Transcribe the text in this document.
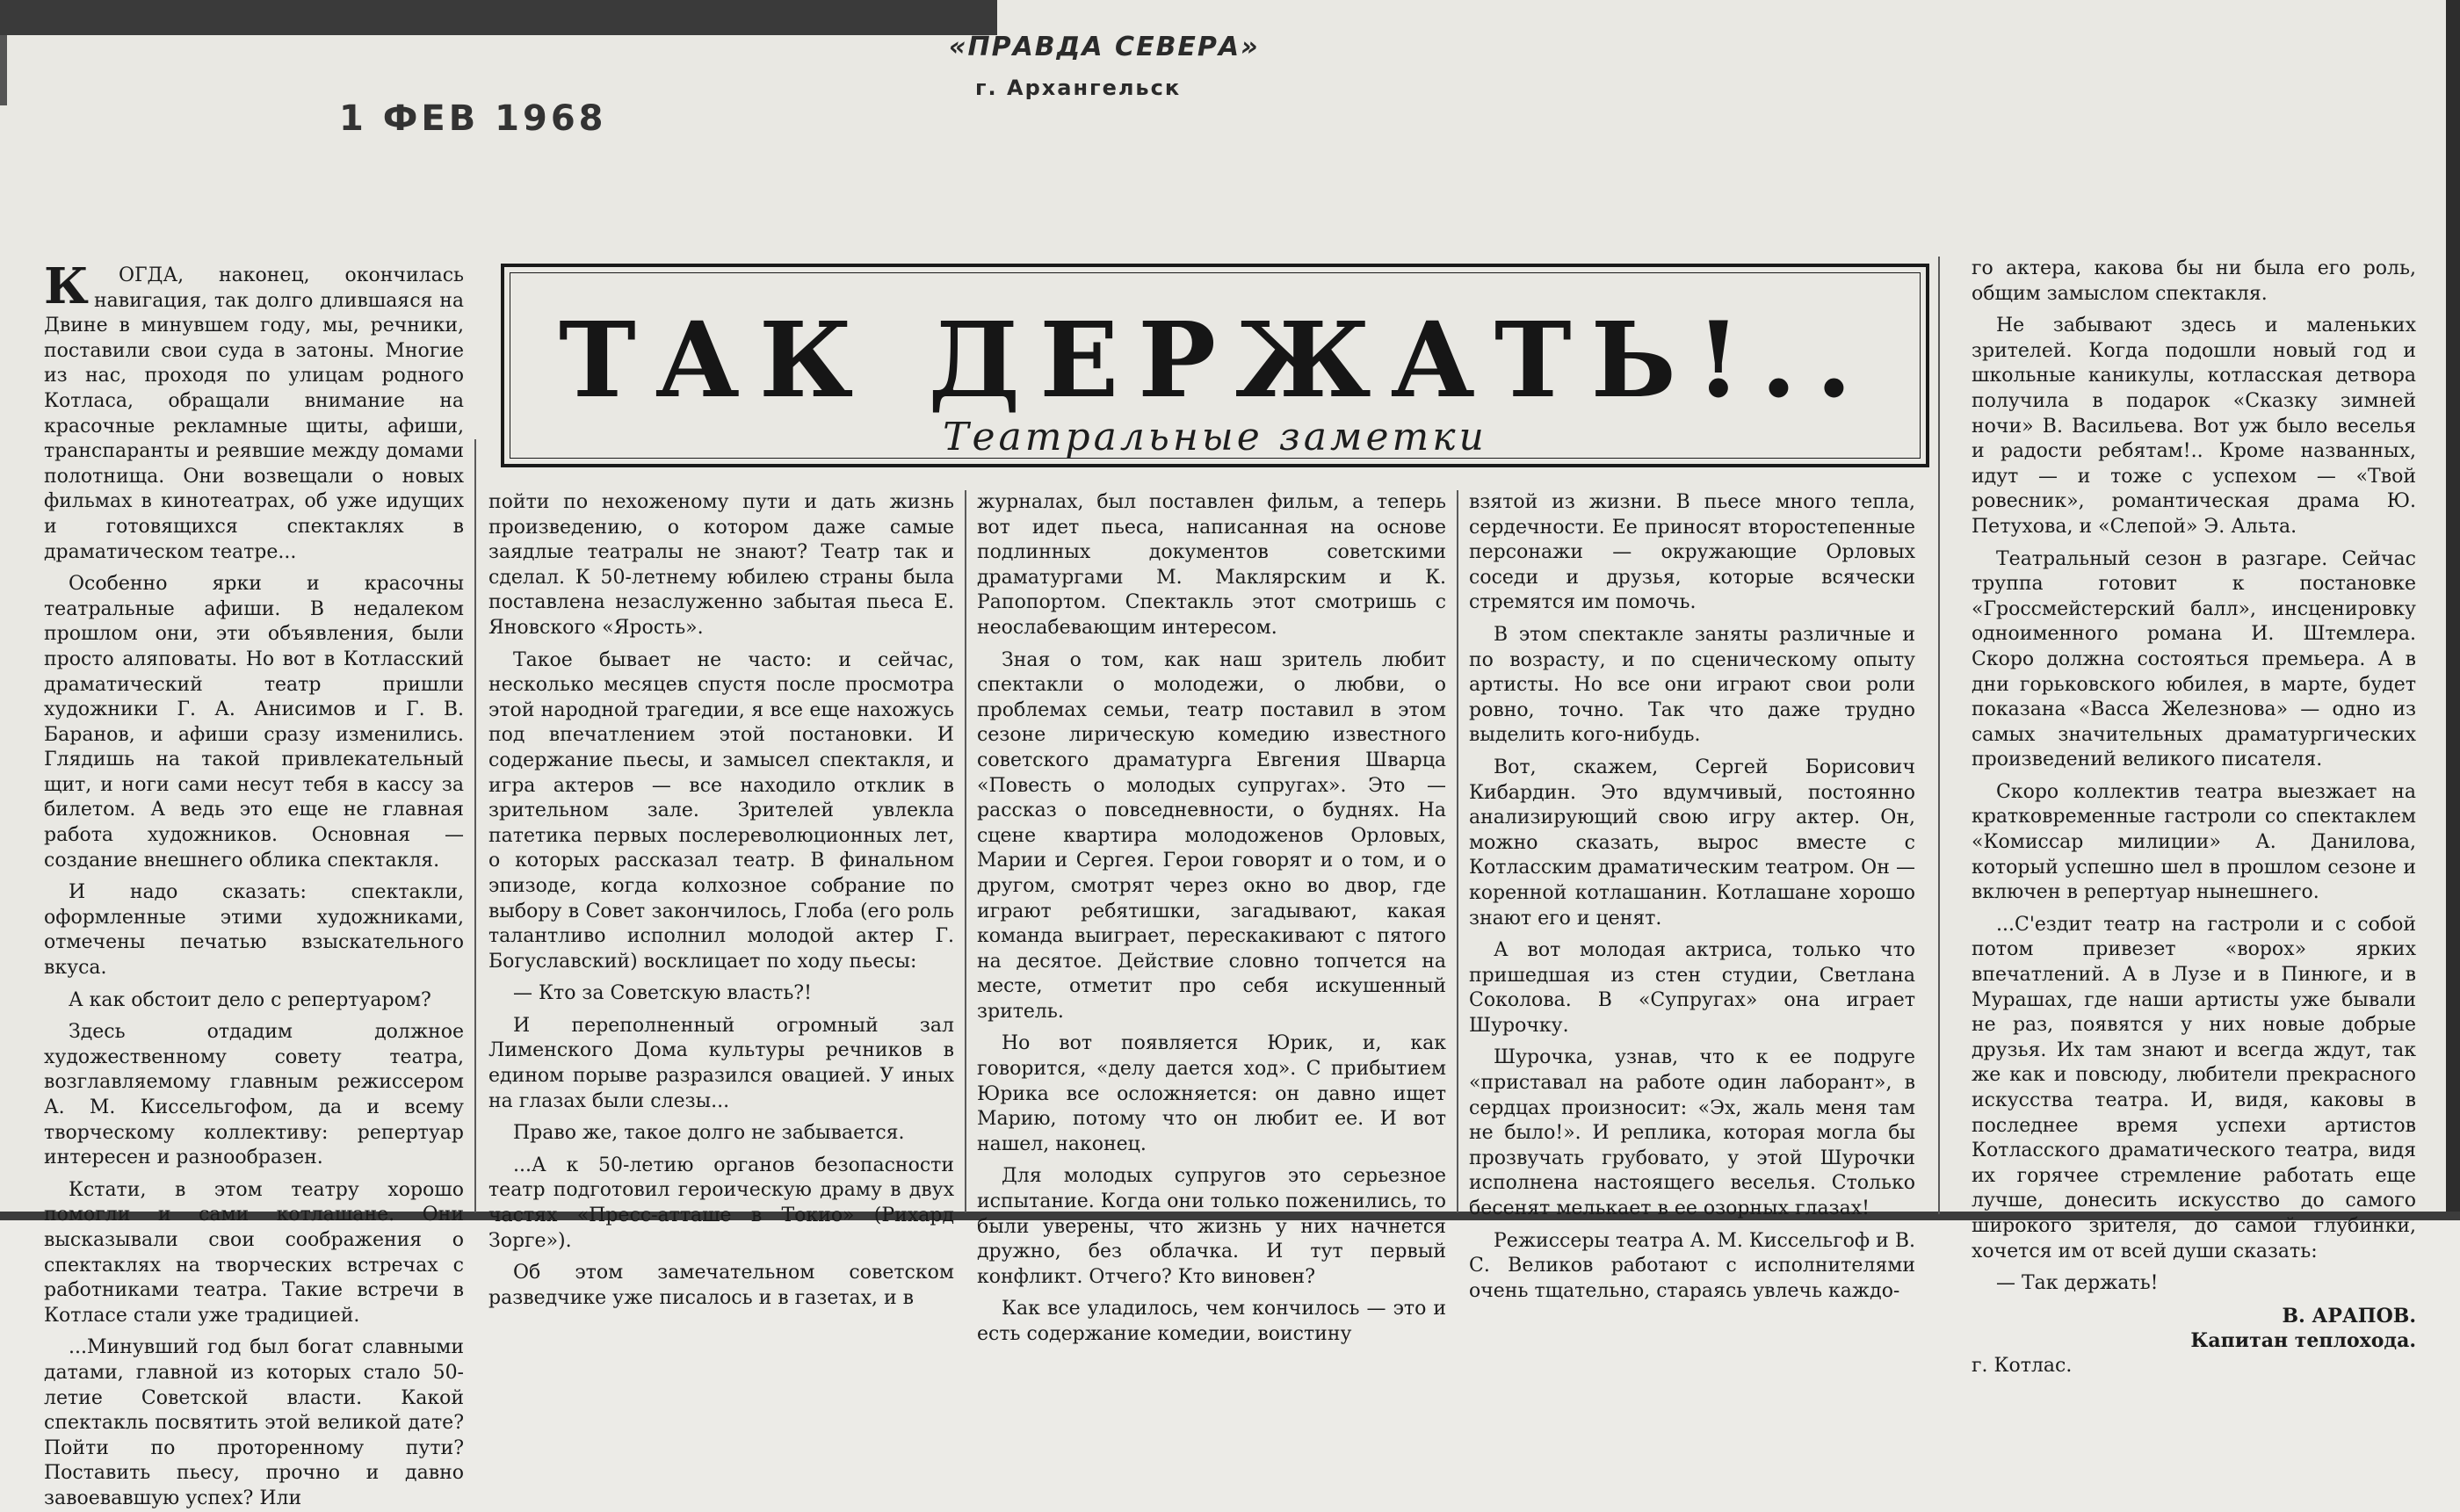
«ПРАВДА СЕВЕРА»
г. Архангельск
1 ФЕВ 1968
ТАК ДЕРЖАТЬ!..
Театральные заметки

К ОГДА, наконец, окончилась навигация, так долго длившаяся на Двине в минувшем году, мы, речники, поставили свои суда в затоны. Многие из нас, проходя по улицам родного Котласа, обращали внимание на красочные рекламные щиты, афиши, транспаранты и реявшие между домами полотнища. Они возвещали о новых фильмах в кинотеатрах, об уже идущих и готовящихся спектаклях в драматическом театре...

Особенно ярки и красочны театральные афиши. В недалеком прошлом они, эти объявления, были просто аляповаты. Но вот в Котласский драматический театр пришли художники Г. А. Анисимов и Г. В. Баранов, и афиши сразу изменились. Глядишь на такой привлекательный щит, и ноги сами несут тебя в кассу за билетом. А ведь это еще не главная работа художников. Основная — создание внешнего облика спектакля.

И надо сказать: спектакли, оформленные этими художниками, отмечены печатью взыскательного вкуса.

А как обстоит дело с репертуаром?

Здесь отдадим должное художественному совету театра, возглавляемому главным режиссером А. М. Киссельгофом, да и всему творческому коллективу: репертуар интересен и разнообразен.

Кстати, в этом театру хорошо помогли и сами котлашане. Они высказывали свои соображения о спектаклях на творческих встречах с работниками театра. Такие встречи в Котласе стали уже традицией.

...Минувший год был богат славными датами, главной из которых стало 50-летие Советской власти. Какой спектакль посвятить этой великой дате? Пойти по проторенному пути? Поставить пьесу, прочно и давно завоевавшую успех? Или

пойти по нехоженому пути и дать жизнь произведению, о котором даже самые заядлые театралы не знают? Театр так и сделал. К 50-летнему юбилею страны была поставлена незаслуженно забытая пьеса Е. Яновского «Ярость».

Такое бывает не часто: и сейчас, несколько месяцев спустя после просмотра этой народной трагедии, я все еще нахожусь под впечатлением этой постановки. И содержание пьесы, и замысел спектакля, и игра актеров — все находило отклик в зрительном зале. Зрителей увлекла патетика первых послереволюционных лет, о которых рассказал театр. В финальном эпизоде, когда колхозное собрание по выбору в Совет закончилось, Глоба (его роль талантливо исполнил молодой актер Г. Богуславский) восклицает по ходу пьесы:

— Кто за Советскую власть?!

И переполненный огромный зал Лименского Дома культуры речников в едином порыве разразился овацией. У иных на глазах были слезы...

Право же, такое долго не забывается.

...А к 50-летию органов безопасности театр подготовил героическую драму в двух частях «Пресс-атташе в Токио» (Рихард Зорге»).

Об этом замечательном советском разведчике уже писалось и в газетах, и в

журналах, был поставлен фильм, а теперь вот идет пьеса, написанная на основе подлинных документов советскими драматургами М. Маклярским и К. Рапопортом. Спектакль этот смотришь с неослабевающим интересом.

Зная о том, как наш зритель любит спектакли о молодежи, о любви, о проблемах семьи, театр поставил в этом сезоне лирическую комедию известного советского драматурга Евгения Шварца «Повесть о молодых супругах». Это — рассказ о повседневности, о буднях. На сцене квартира молодоженов Орловых, Марии и Сергея. Герои говорят и о том, и о другом, смотрят через окно во двор, где играют ребятишки, загадывают, какая команда выиграет, перескакивают с пятого на десятое. Действие словно топчется на месте, отметит про себя искушенный зритель.

Но вот появляется Юрик, и, как говорится, «делу дается ход». С прибытием Юрика все осложняется: он давно ищет Марию, потому что он любит ее. И вот нашел, наконец.

Для молодых супругов это серьезное испытание. Когда они только поженились, то были уверены, что жизнь у них начнется дружно, без облачка. И тут первый конфликт. Отчего? Кто виновен?

Как все уладилось, чем кончилось — это и есть содержание комедии, воистину

взятой из жизни. В пьесе много тепла, сердечности. Ее приносят второстепенные персонажи — окружающие Орловых соседи и друзья, которые всячески стремятся им помочь.

В этом спектакле заняты различные и по возрасту, и по сценическому опыту артисты. Но все они играют свои роли ровно, точно. Так что даже трудно выделить кого-нибудь.

Вот, скажем, Сергей Борисович Кибардин. Это вдумчивый, постоянно анализирующий свою игру актер. Он, можно сказать, вырос вместе с Котласским драматическим театром. Он — коренной котлашанин. Котлашане хорошо знают его и ценят.

А вот молодая актриса, только что пришедшая из стен студии, Светлана Соколова. В «Супругах» она играет Шурочку.

Шурочка, узнав, что к ее подруге «приставал на работе один лаборант», в сердцах произносит: «Эх, жаль меня там не было!». И реплика, которая могла бы прозвучать грубовато, у этой Шурочки исполнена настоящего веселья. Столько бесенят мелькает в ее озорных глазах!

Режиссеры театра А. М. Киссельгоф и В. С. Великов работают с исполнителями очень тщательно, стараясь увлечь каждо-

го актера, какова бы ни была его роль, общим замыслом спектакля.

Не забывают здесь и маленьких зрителей. Когда подошли новый год и школьные каникулы, котласская детвора получила в подарок «Сказку зимней ночи» В. Васильева. Вот уж было веселья и радости ребятам!.. Кроме названных, идут — и тоже с успехом — «Твой ровесник», романтическая драма Ю. Петухова, и «Слепой» Э. Альта.

Театральный сезон в разгаре. Сейчас труппа готовит к постановке «Гроссмейстерский балл», инсценировку одноименного романа И. Штемлера. Скоро должна состояться премьера. А в дни горьковского юбилея, в марте, будет показана «Васса Железнова» — одно из самых значительных драматургических произведений великого писателя.

Скоро коллектив театра выезжает на кратковременные гастроли со спектаклем «Комиссар милиции» А. Данилова, который успешно шел в прошлом сезоне и включен в репертуар нынешнего.

...С'ездит театр на гастроли и с собой потом привезет «ворох» ярких впечатлений. А в Лузе и в Пинюге, и в Мурашах, где наши артисты уже бывали не раз, появятся у них новые добрые друзья. Их там знают и всегда ждут, так же как и повсюду, любители прекрасного искусства театра. И, видя, каковы в последнее время успехи артистов Котласского драматического театра, видя их горячее стремление работать еще лучше, донесить искусство до самого широкого зрителя, до самой глубинки, хочется им от всей души сказать:

— Так держать!

В. АРАПОВ.

Капитан теплохода.

г. Котлас.
